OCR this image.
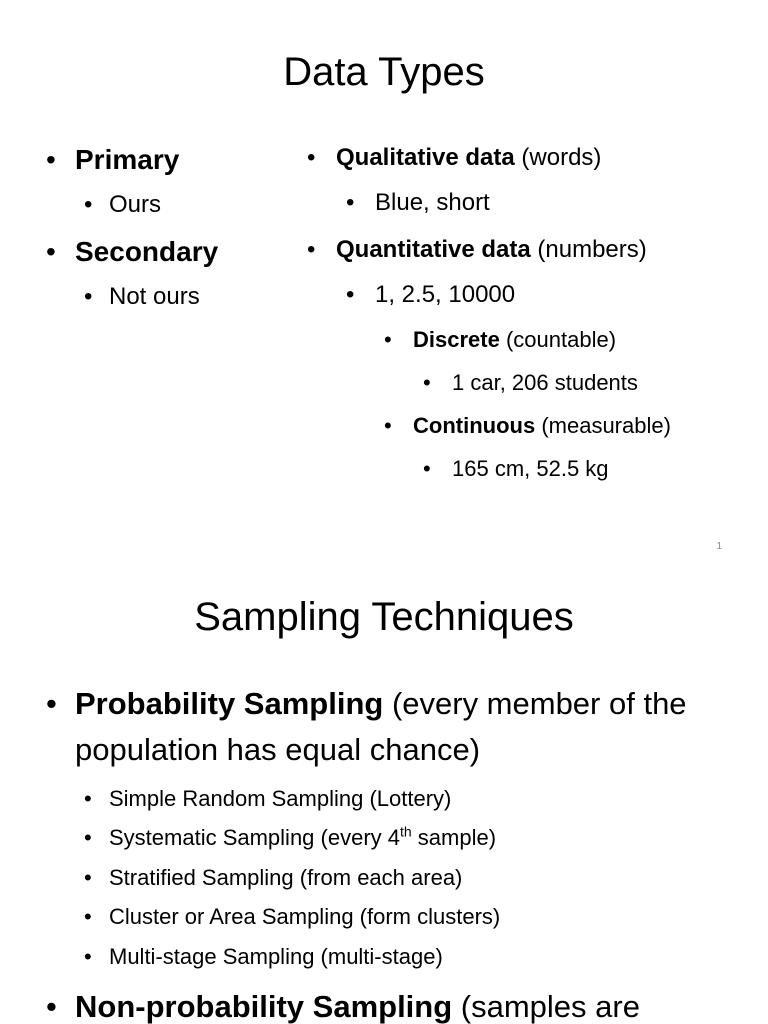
Data Types
• Primary
• Ours
• Secondary
• Not ours
• Qualitative data (words)
• Blue, short
• Quantitative data (numbers)
• 1, 2.5, 10000
• Discrete (countable)
• 1 car, 206 students
• Continuous (measurable)
• 165 cm, 52.5 kg
1
Sampling Techniques
• Probability Sampling (every member of the population has equal chance)
• Simple Random Sampling (Lottery)
• Systematic Sampling (every 4th sample)
• Stratified Sampling (from each area)
• Cluster or Area Sampling (form clusters)
• Multi-stage Sampling (multi-stage)
• Non-probability Sampling (samples are
